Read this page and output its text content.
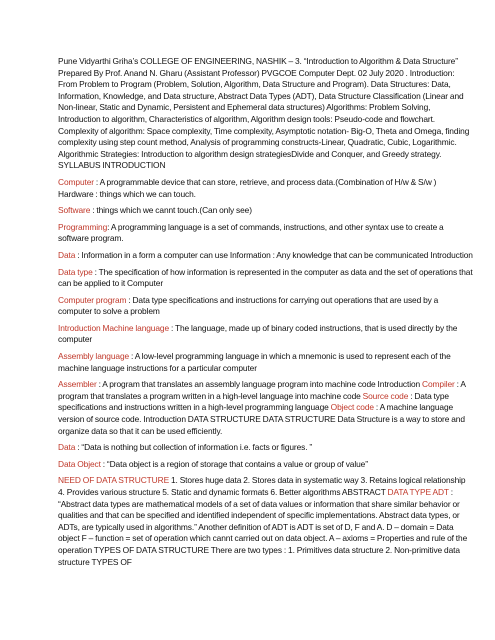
Pune Vidyarthi Griha’s COLLEGE OF ENGINEERING, NASHIK – 3. “Introduction to Algorithm & Data Structure” Prepared By Prof. Anand N. Gharu (Assistant Professor) PVGCOE Computer Dept. 02 July 2020 . Introduction: From Problem to Program (Problem, Solution, Algorithm, Data Structure and Program). Data Structures: Data, Information, Knowledge, and Data structure, Abstract Data Types (ADT), Data Structure Classification (Linear and Non-linear, Static and Dynamic, Persistent and Ephemeral data structures) Algorithms: Problem Solving, Introduction to algorithm, Characteristics of algorithm, Algorithm design tools: Pseudo-code and flowchart. Complexity of algorithm: Space complexity, Time complexity, Asymptotic notation- Big-O, Theta and Omega, finding complexity using step count method, Analysis of programming constructs-Linear, Quadratic, Cubic, Logarithmic. Algorithmic Strategies: Introduction to algorithm design strategiesDivide and Conquer, and Greedy strategy. SYLLABUS INTRODUCTION

Computer : A programmable device that can store, retrieve, and process data.(Combination of H/w & S/w ) Hardware : things which we can touch.

Software : things which we cannt touch.(Can only see)

Programming: A programming language is a set of commands, instructions, and other syntax use to create a software program.

Data : Information in a form a computer can use Information : Any knowledge that can be communicated Introduction

Data type : The specification of how information is represented in the computer as data and the set of operations that can be applied to it Computer

Computer program : Data type specifications and instructions for carrying out operations that are used by a computer to solve a problem

Introduction Machine language : The language, made up of binary coded instructions, that is used directly by the computer

Assembly language : A low-level programming language in which a mnemonic is used to represent each of the machine language instructions for a particular computer

Assembler : A program that translates an assembly language program into machine code Introduction Compiler : A program that translates a program written in a high-level language into machine code Source code : Data type specifications and instructions written in a high-level programming language Object code : A machine language version of source code. Introduction DATA STRUCTURE DATA STRUCTURE Data Structure is a way to store and organize data so that it can be used efficiently.

Data : “Data is nothing but collection of information i.e. facts or figures. ”

Data Object : “Data object is a region of storage that contains a value or group of value”

NEED OF DATA STRUCTURE 1. Stores huge data 2. Stores data in systematic way 3. Retains logical relationship 4. Provides various structure 5. Static and dynamic formats 6. Better algorithms ABSTRACT DATA TYPE ADT : “Abstract data types are mathematical models of a set of data values or information that share similar behavior or qualities and that can be specified and identified independent of specific implementations. Abstract data types, or ADTs, are typically used in algorithms.” Another definition of ADT is ADT is set of D, F and A. D – domain = Data object F – function = set of operation which cannt carried out on data object. A – axioms = Properties and rule of the operation TYPES OF DATA STRUCTURE There are two types : 1. Primitives data structure 2. Non-primitive data structure TYPES OF
